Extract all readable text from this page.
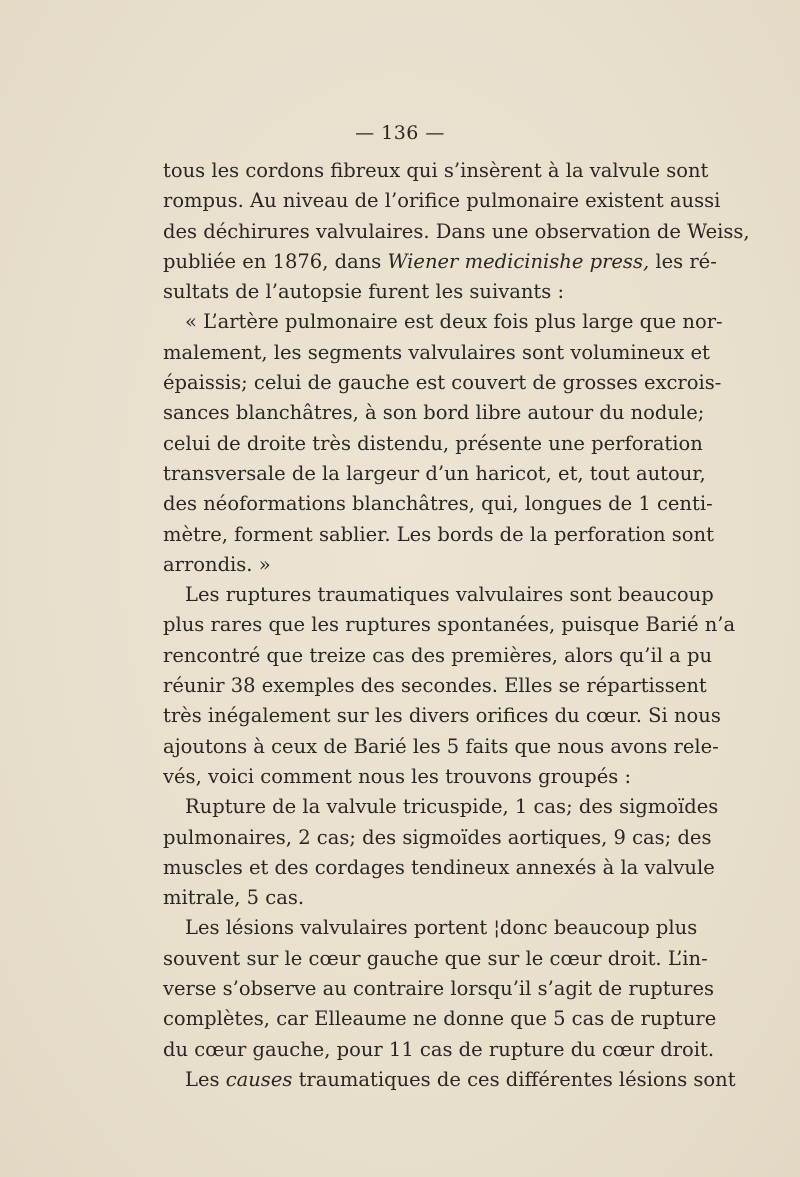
— 136 —
tous les cordons fibreux qui s’insèrent à la valvule sont
rompus. Au niveau de l’orifice pulmonaire existent aussi
des déchirures valvulaires. Dans une observation de Weiss,
publiée en 1876, dans Wiener medicinishe press, les ré-
sultats de l’autopsie furent les suivants :
« L’artère pulmonaire est deux fois plus large que nor-
malement, les segments valvulaires sont volumineux et
épaissis; celui de gauche est couvert de grosses excrois-
sances blanchâtres, à son bord libre autour du nodule;
celui de droite très distendu, présente une perforation
transversale de la largeur d’un haricot, et, tout autour,
des néoformations blanchâtres, qui, longues de 1 centi-
mètre, forment sablier. Les bords de la perforation sont
arrondis. »
Les ruptures traumatiques valvulaires sont beaucoup
plus rares que les ruptures spontanées, puisque Barié n’a
rencontré que treize cas des premières, alors qu’il a pu
réunir 38 exemples des secondes. Elles se répartissent
très inégalement sur les divers orifices du cœur. Si nous
ajoutons à ceux de Barié les 5 faits que nous avons rele-
vés, voici comment nous les trouvons groupés :
Rupture de la valvule tricuspide, 1 cas; des sigmoïdes
pulmonaires, 2 cas; des sigmoïdes aortiques, 9 cas; des
muscles et des cordages tendineux annexés à la valvule
mitrale, 5 cas.
Les lésions valvulaires portent ¦donc beaucoup plus
souvent sur le cœur gauche que sur le cœur droit. L’in-
verse s’observe au contraire lorsqu’il s’agit de ruptures
complètes, car Elleaume ne donne que 5 cas de rupture
du cœur gauche, pour 11 cas de rupture du cœur droit.
Les causes traumatiques de ces différentes lésions sont
